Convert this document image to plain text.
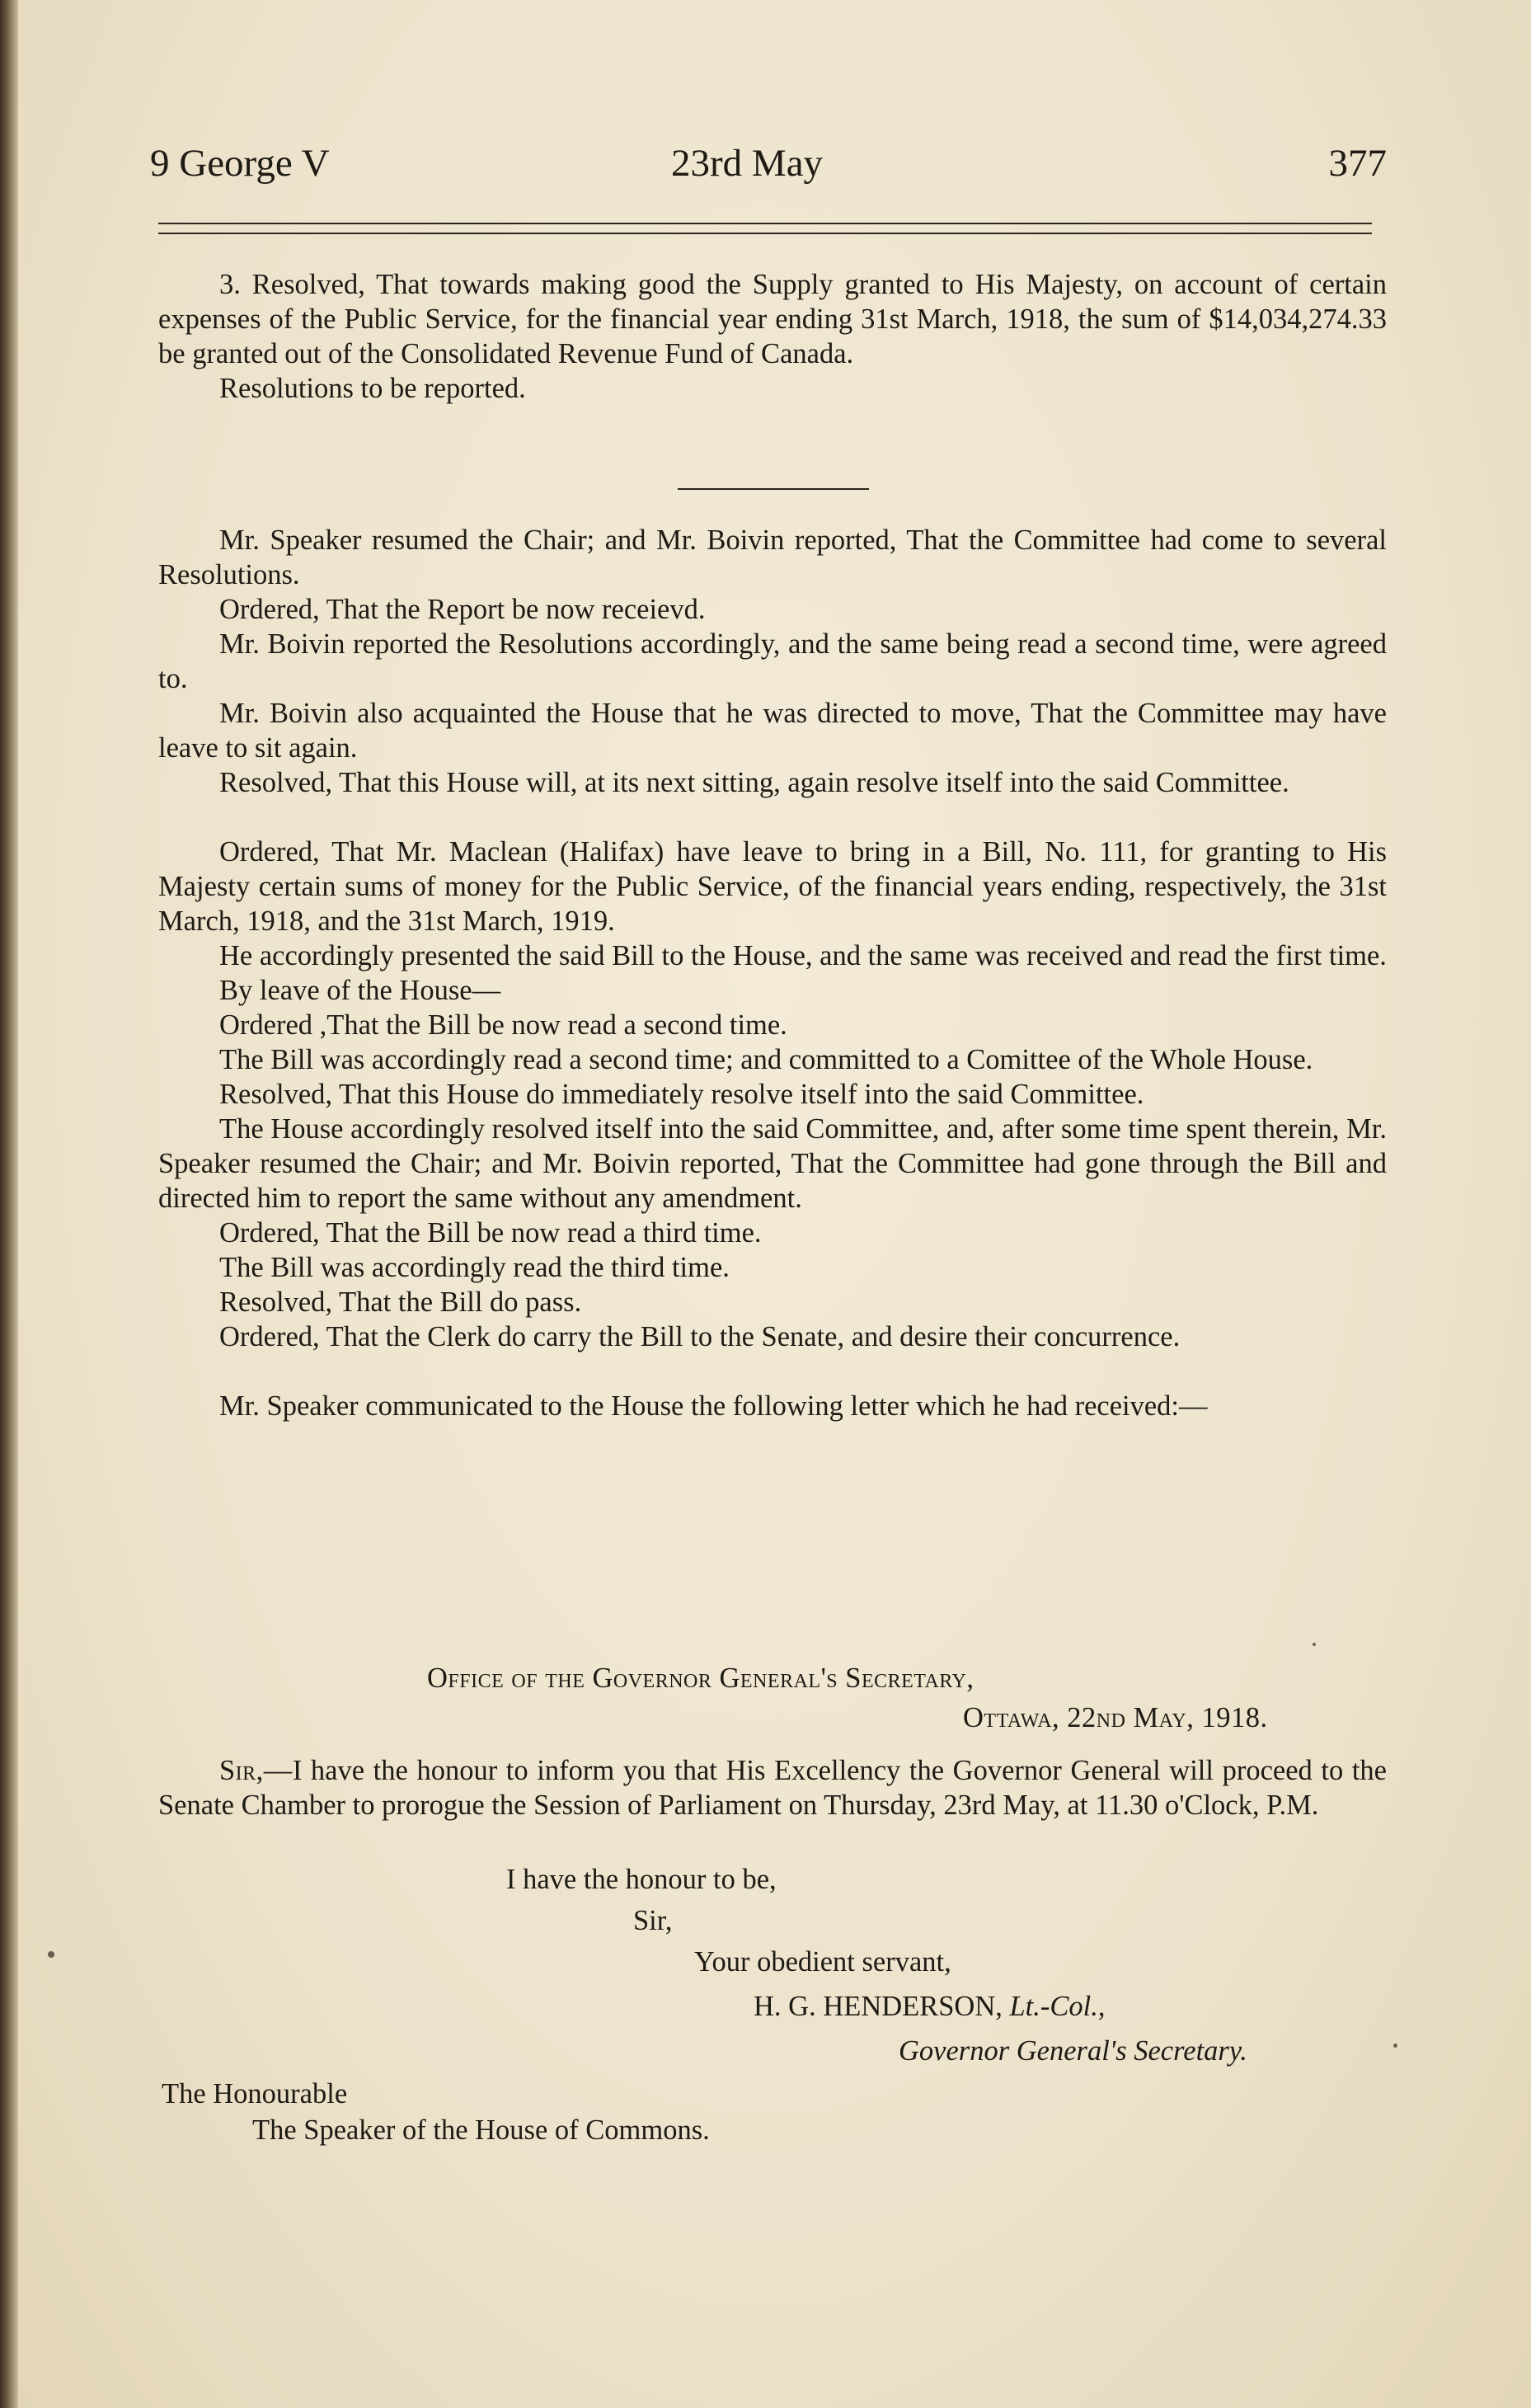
9 George V	23rd May	377

3. Resolved, That towards making good the Supply granted to His Majesty, on account of certain expenses of the Public Service, for the financial year ending 31st March, 1918, the sum of $14,034,274.33 be granted out of the Consolidated Revenue Fund of Canada.

Resolutions to be reported.

Mr. Speaker resumed the Chair; and Mr. Boivin reported, That the Committee had come to several Resolutions.

Ordered, That the Report be now receievd.

Mr. Boivin reported the Resolutions accordingly, and the same being read a second time, were agreed to.

Mr. Boivin also acquainted the House that he was directed to move, That the Committee may have leave to sit again.

Resolved, That this House will, at its next sitting, again resolve itself into the said Committee.

Ordered, That Mr. Maclean (Halifax) have leave to bring in a Bill, No. 111, for granting to His Majesty certain sums of money for the Public Service, of the financial years ending, respectively, the 31st March, 1918, and the 31st March, 1919.

He accordingly presented the said Bill to the House, and the same was received and read the first time.

By leave of the House—

Ordered ,That the Bill be now read a second time.

The Bill was accordingly read a second time; and committed to a Comittee of the Whole House.

Resolved, That this House do immediately resolve itself into the said Committee.

The House accordingly resolved itself into the said Committee, and, after some time spent therein, Mr. Speaker resumed the Chair; and Mr. Boivin reported, That the Committee had gone through the Bill and directed him to report the same without any amendment.

Ordered, That the Bill be now read a third time.

The Bill was accordingly read the third time.

Resolved, That the Bill do pass.

Ordered, That the Clerk do carry the Bill to the Senate, and desire their concurrence.

Mr. Speaker communicated to the House the following letter which he had received:—

Office of the Governor General's Secretary,
Ottawa, 22nd May, 1918.

Sir,—I have the honour to inform you that His Excellency the Governor General will proceed to the Senate Chamber to prorogue the Session of Parliament on Thursday, 23rd May, at 11.30 o'Clock, P.M.

I have the honour to be,
Sir,
Your obedient servant,
H. G. HENDERSON, Lt.-Col.,
Governor General's Secretary.
The Honourable
The Speaker of the House of Commons.
